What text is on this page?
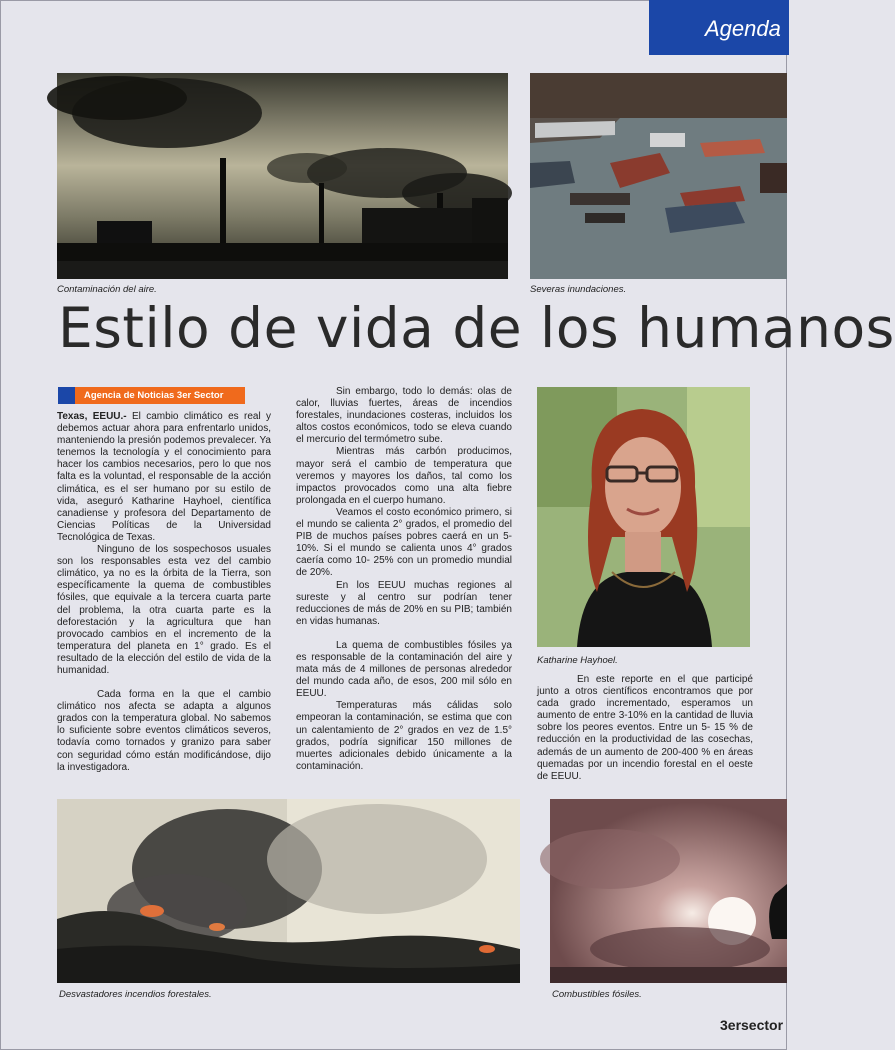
Agenda
Contaminación del aire.	Severas inundaciones.
Estilo de vida de los humanos
Agencia de Noticias 3er Sector

Texas, EEUU.- El cambio climático es real y debemos actuar ahora para enfrentarlo unidos, manteniendo la presión podemos prevalecer. Ya tenemos la tecnología y el conocimiento para hacer los cambios necesarios, pero lo que nos falta es la voluntad, el responsable de la acción climática, es el ser humano por su estilo de vida, aseguró Katharine Hayhoel, científica canadiense y profesora del Departamento de Ciencias Políticas de la Universidad Tecnológica de Texas.

Ninguno de los sospechosos usuales son los responsables esta vez del cambio climático, ya no es la órbita de la Tierra, son específicamente la quema de combustibles fósiles, que equivale a la tercera cuarta parte del problema, la otra cuarta parte es la deforestación y la agricultura que han provocado cambios en el incremento de la temperatura del planeta en 1° grado. Es el resultado de la elección del estilo de vida de la humanidad.

Cada forma en la que el cambio climático nos afecta se adapta a algunos grados con la temperatura global. No sabemos lo suficiente sobre eventos climáticos severos, todavía como tornados y granizo para saber con seguridad cómo están modificándose, dijo la investigadora.

Sin embargo, todo lo demás: olas de calor, lluvias fuertes, áreas de incendios forestales, inundaciones costeras, incluidos los altos costos económicos, todo se eleva cuando el mercurio del termómetro sube.

Mientras más carbón producimos, mayor será el cambio de temperatura que veremos y mayores los daños, tal como los impactos provocados como una alta fiebre prolongada en el cuerpo humano.

Veamos el costo económico primero, si el mundo se calienta 2° grados, el promedio del PIB de muchos países pobres caerá en un 5- 10%. Si el mundo se calienta unos 4° grados caería como 10- 25% con un promedio mundial de 20%.

En los EEUU muchas regiones al sureste y al centro sur podrían tener reducciones de más de 20% en su PIB; también en vidas humanas.

La quema de combustibles fósiles ya es responsable de la contaminación del aire y mata más de 4 millones de personas alrededor del mundo cada año, de esos, 200 mil sólo en EEUU.

Temperaturas más cálidas solo empeoran la contaminación, se estima que con un calentamiento de 2° grados en vez de 1.5° grados, podría significar 150 millones de muertes adicionales debido únicamente a la contaminación.

Katharine Hayhoel.

En este reporte en el que participé junto a otros científicos encontramos que por cada grado incrementado, esperamos un aumento de entre 3-10% en la cantidad de lluvia sobre los peores eventos. Entre un 5- 15 % de reducción en la productividad de las cosechas, además de un aumento de 200-400 % en áreas quemadas por un incendio forestal en el oeste de EEUU.

Desvastadores incendios forestales.	Combustibles fósiles.
3ersector
